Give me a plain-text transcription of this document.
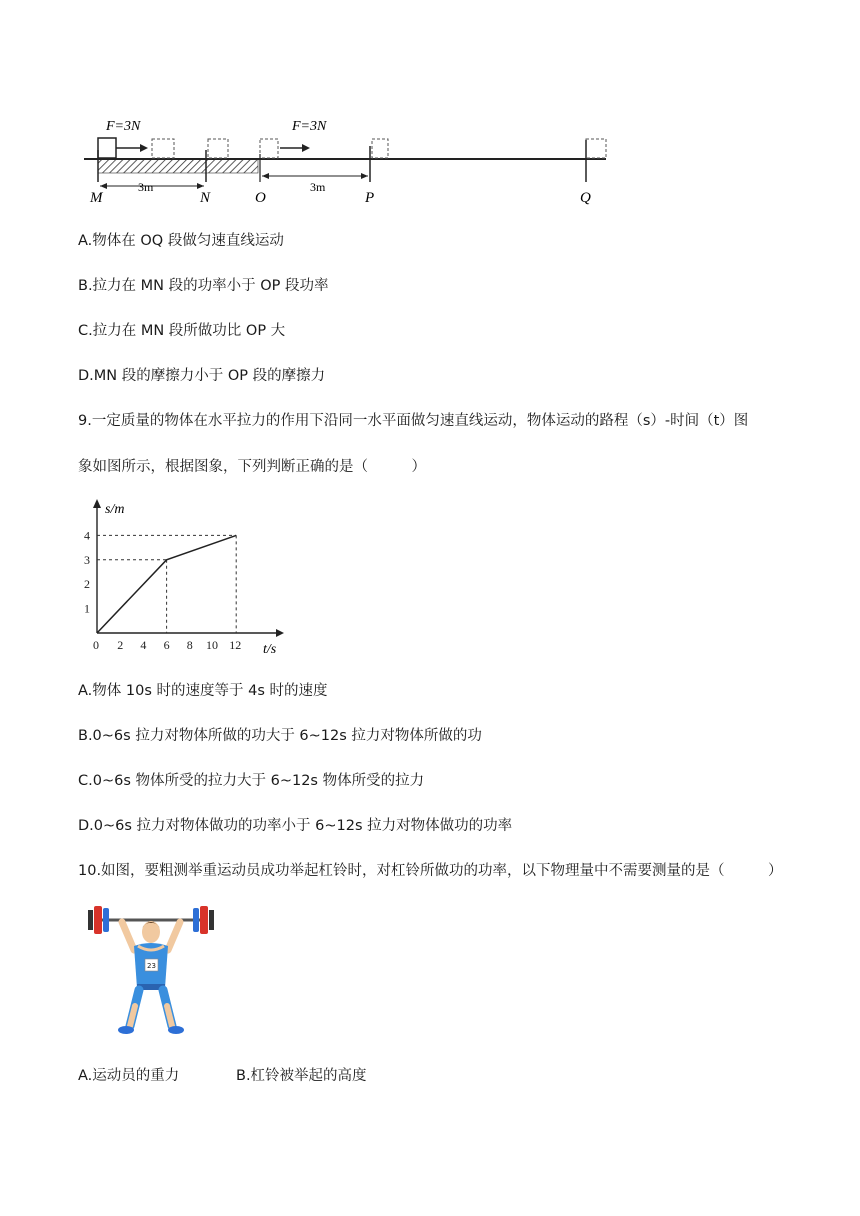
F=3N	F=3N
3m	3m
M	N	O	P	Q
A.物体在 OQ 段做匀速直线运动
B.拉力在 MN 段的功率小于 OP 段功率
C.拉力在 MN 段所做功比 OP 大
D.MN 段的摩擦力小于 OP 段的摩擦力
9.一定质量的物体在水平拉力的作用下沿同一水平面做匀速直线运动，物体运动的路程（s）-时间（t）图
象如图所示，根据图象，下列判断正确的是（　　　）
s/m
t/s
0 2 4 6 8 10 12
1
2
3
4
A.物体 10s 时的速度等于 4s 时的速度
B.0~6s 拉力对物体所做的功大于 6~12s 拉力对物体所做的功
C.0~6s 物体所受的拉力大于 6~12s 物体所受的拉力
D.0~6s 拉力对物体做功的功率小于 6~12s 拉力对物体做功的功率
10.如图，要粗测举重运动员成功举起杠铃时，对杠铃所做功的功率，以下物理量中不需要测量的是（　　　）
23
A.运动员的重力	B.杠铃被举起的高度
